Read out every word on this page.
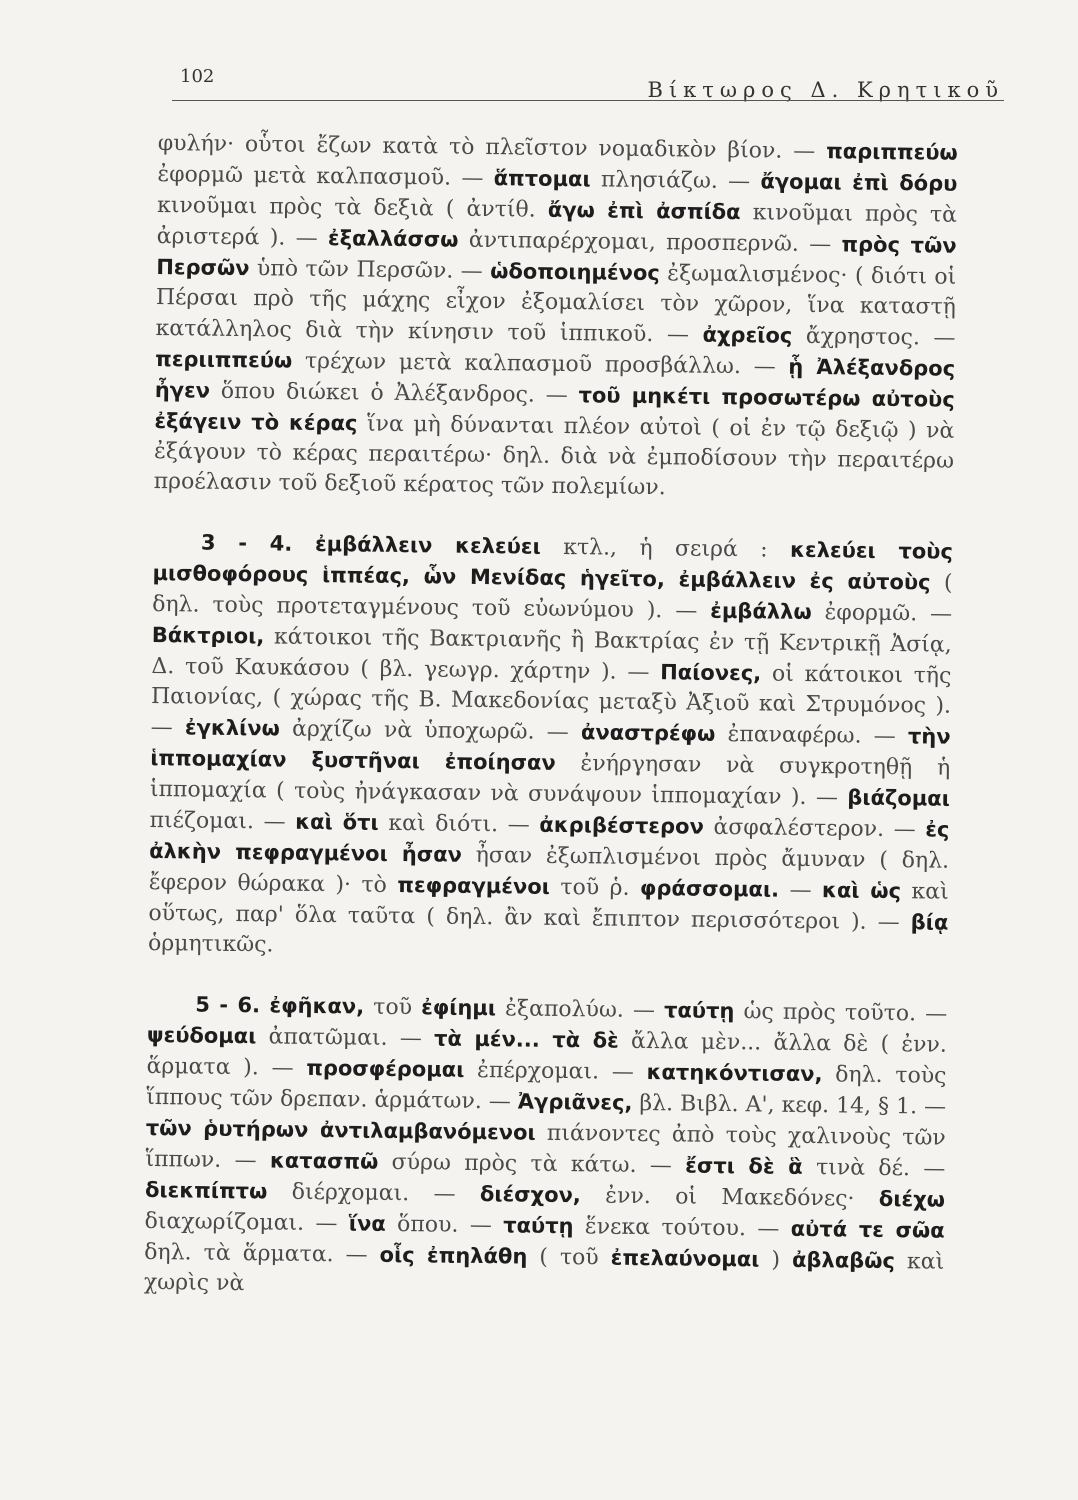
102
Βίκτωρος Δ. Κρητικοῦ

φυλήν· οὗτοι ἔζων κατὰ τὸ πλεῖστον νομαδικὸν βίον. — παριππεύω ἐφορμῶ μετὰ καλπασμοῦ. — ἅπτομαι πλησιάζω. — ἄγομαι ἐπὶ δόρυ κινοῦμαι πρὸς τὰ δεξιὰ ( ἀντίθ. ἄγω ἐπὶ ἀσπίδα κινοῦμαι πρὸς τὰ ἀριστερά ). — ἐξαλλάσσω ἀντιπαρέρχομαι, προσπερνῶ. — πρὸς τῶν Περσῶν ὑπὸ τῶν Περσῶν. — ὡδοποιημένος ἐξωμαλισμένος· ( διότι οἱ Πέρσαι πρὸ τῆς μάχης εἶχον ἐξομαλίσει τὸν χῶρον, ἵνα καταστῇ κατάλληλος διὰ τὴν κίνησιν τοῦ ἱππικοῦ. — ἀχρεῖος ἄχρηστος. — περιιππεύω τρέχων μετὰ καλπασμοῦ προσβάλλω. — ᾗ Ἀλέξανδρος ἦγεν ὅπου διώκει ὁ Ἀλέξανδρος. — τοῦ μηκέτι προσωτέρω αὐτοὺς ἐξάγειν τὸ κέρας ἵνα μὴ δύνανται πλέον αὐτοὶ ( οἱ ἐν τῷ δεξιῷ ) νὰ ἐξάγουν τὸ κέρας περαιτέρω· δηλ. διὰ νὰ ἐμποδίσουν τὴν περαιτέρω προέλασιν τοῦ δεξιοῦ κέρατος τῶν πολεμίων.

3 - 4. ἐμβάλλειν κελεύει κτλ., ἡ σειρά : κελεύει τοὺς μισθοφόρους ἱππέας, ὧν Μενίδας ἡγεῖτο, ἐμβάλλειν ἐς αὐτοὺς ( δηλ. τοὺς προτεταγμένους τοῦ εὐωνύμου ). — ἐμβάλλω ἐφορμῶ. — Βάκτριοι, κάτοικοι τῆς Βακτριανῆς ἢ Βακτρίας ἐν τῇ Κεντρικῇ Ἀσίᾳ, Δ. τοῦ Καυκάσου ( βλ. γεωγρ. χάρτην ). — Παίονες, οἱ κάτοικοι τῆς Παιονίας, ( χώρας τῆς Β. Μακεδονίας μεταξὺ Ἀξιοῦ καὶ Στρυμόνος ). — ἐγκλίνω ἀρχίζω νὰ ὑποχωρῶ. — ἀναστρέφω ἐπαναφέρω. — τὴν ἱππομαχίαν ξυστῆναι ἐποίησαν ἐνήργησαν νὰ συγκροτηθῇ ἡ ἱππομαχία ( τοὺς ἠνάγκασαν νὰ συνάψουν ἱππομαχίαν ). — βιάζομαι πιέζομαι. — καὶ ὅτι καὶ διότι. — ἀκριβέστερον ἀσφαλέστερον. — ἐς ἀλκὴν πεφραγμένοι ἦσαν ἦσαν ἐξωπλισμένοι πρὸς ἄμυναν ( δηλ. ἔφερον θώρακα )· τὸ πεφραγμένοι τοῦ ῥ. φράσσομαι. — καὶ ὡς καὶ οὕτως, παρ' ὅλα ταῦτα ( δηλ. ἂν καὶ ἔπιπτον περισσότεροι ). — βίᾳ ὁρμητικῶς.

5 - 6. ἐφῆκαν, τοῦ ἐφίημι ἐξαπολύω. — ταύτῃ ὡς πρὸς τοῦτο. — ψεύδομαι ἀπατῶμαι. — τὰ μέν... τὰ δὲ ἄλλα μὲν... ἄλλα δὲ ( ἐνν. ἅρματα ). — προσφέρομαι ἐπέρχομαι. — κατηκόντισαν, δηλ. τοὺς ἵππους τῶν δρεπαν. ἁρμάτων. — Ἀγριᾶνες, βλ. Βιβλ. Α', κεφ. 14, § 1. — τῶν ῥυτήρων ἀντιλαμβανόμενοι πιάνοντες ἀπὸ τοὺς χαλινοὺς τῶν ἵππων. — κατασπῶ σύρω πρὸς τὰ κάτω. — ἔστι δὲ ἃ τινὰ δέ. — διεκπίπτω διέρχομαι. — διέσχον, ἐνν. οἱ Μακεδόνες· διέχω διαχωρίζομαι. — ἵνα ὅπου. — ταύτῃ ἕνεκα τούτου. — αὐτά τε σῶα δηλ. τὰ ἅρματα. — οἷς ἐπηλάθη ( τοῦ ἐπελαύνομαι ) ἀβλαβῶς καὶ χωρὶς νὰ
